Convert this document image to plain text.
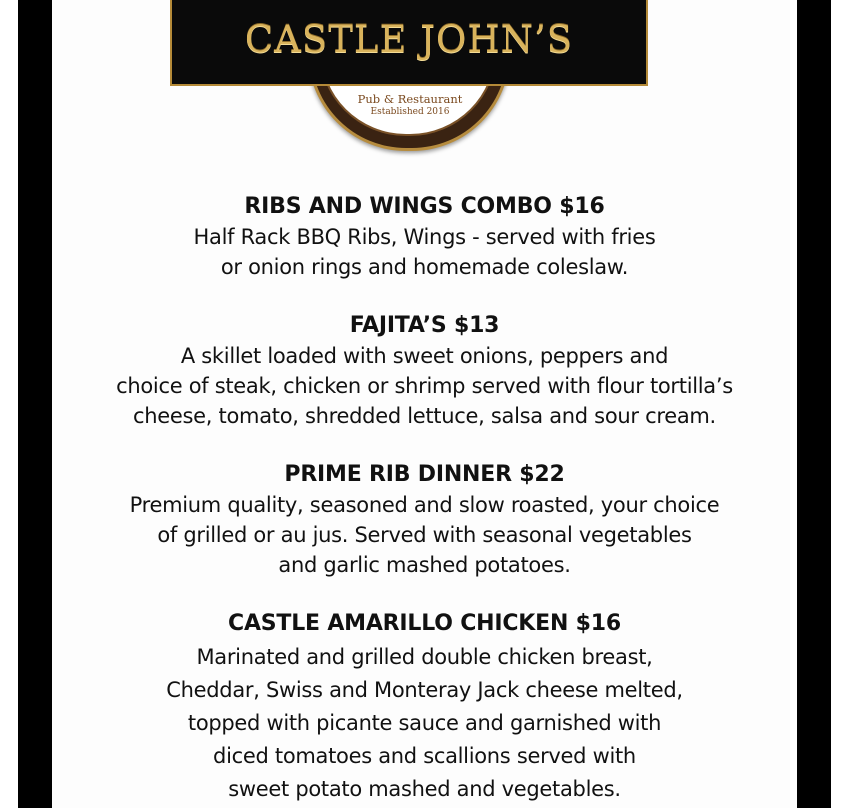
Pub & Restaurant
Established 2016
CASTLE JOHN’S
RIBS AND WINGS COMBO $16
Half Rack BBQ Ribs, Wings - served with fries
or onion rings and homemade coleslaw.
FAJITA’S $13
A skillet loaded with sweet onions, peppers and
choice of steak, chicken or shrimp served with flour tortilla’s
cheese, tomato, shredded lettuce, salsa and sour cream.
PRIME RIB DINNER $22
Premium quality, seasoned and slow roasted, your choice
of grilled or au jus. Served with seasonal vegetables
and garlic mashed potatoes.
CASTLE AMARILLO CHICKEN $16
Marinated and grilled double chicken breast,
Cheddar, Swiss and Monteray Jack cheese melted,
topped with picante sauce and garnished with
diced tomatoes and scallions served with
sweet potato mashed and vegetables.
